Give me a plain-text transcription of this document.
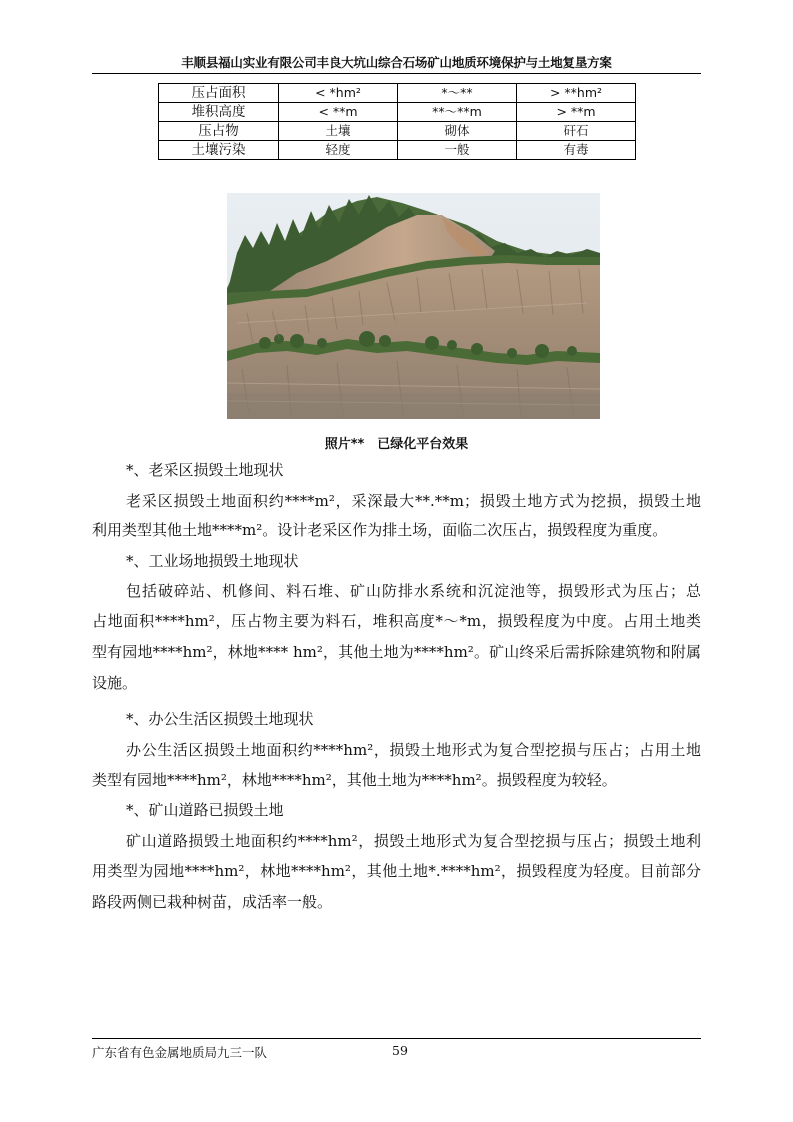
丰顺县福山实业有限公司丰良大坑山综合石场矿山地质环境保护与土地复垦方案
压占面积	< *hm²	*～**	> **hm²
堆积高度	< **m	**～**m	> **m
压占物	土壤	砌体	矸石
土壤污染	轻度	一般	有毒
照片**　已绿化平台效果
*、老采区损毁土地现状
老采区损毁土地面积约****m²，采深最大**.**m；损毁土地方式为挖损，损毁土地
利用类型其他土地****m²。设计老采区作为排土场，面临二次压占，损毁程度为重度。
*、工业场地损毁土地现状
包括破碎站、机修间、料石堆、矿山防排水系统和沉淀池等，损毁形式为压占；总
占地面积****hm²，压占物主要为料石，堆积高度*～*m，损毁程度为中度。占用土地类
型有园地****hm²，林地**** hm²，其他土地为****hm²。矿山终采后需拆除建筑物和附属
设施。
*、办公生活区损毁土地现状
办公生活区损毁土地面积约****hm²，损毁土地形式为复合型挖损与压占；占用土地
类型有园地****hm²，林地****hm²，其他土地为****hm²。损毁程度为较轻。
*、矿山道路已损毁土地
矿山道路损毁土地面积约****hm²，损毁土地形式为复合型挖损与压占；损毁土地利
用类型为园地****hm²，林地****hm²，其他土地*.****hm²，损毁程度为轻度。目前部分
路段两侧已栽种树苗，成活率一般。
广东省有色金属地质局九三一队	59
